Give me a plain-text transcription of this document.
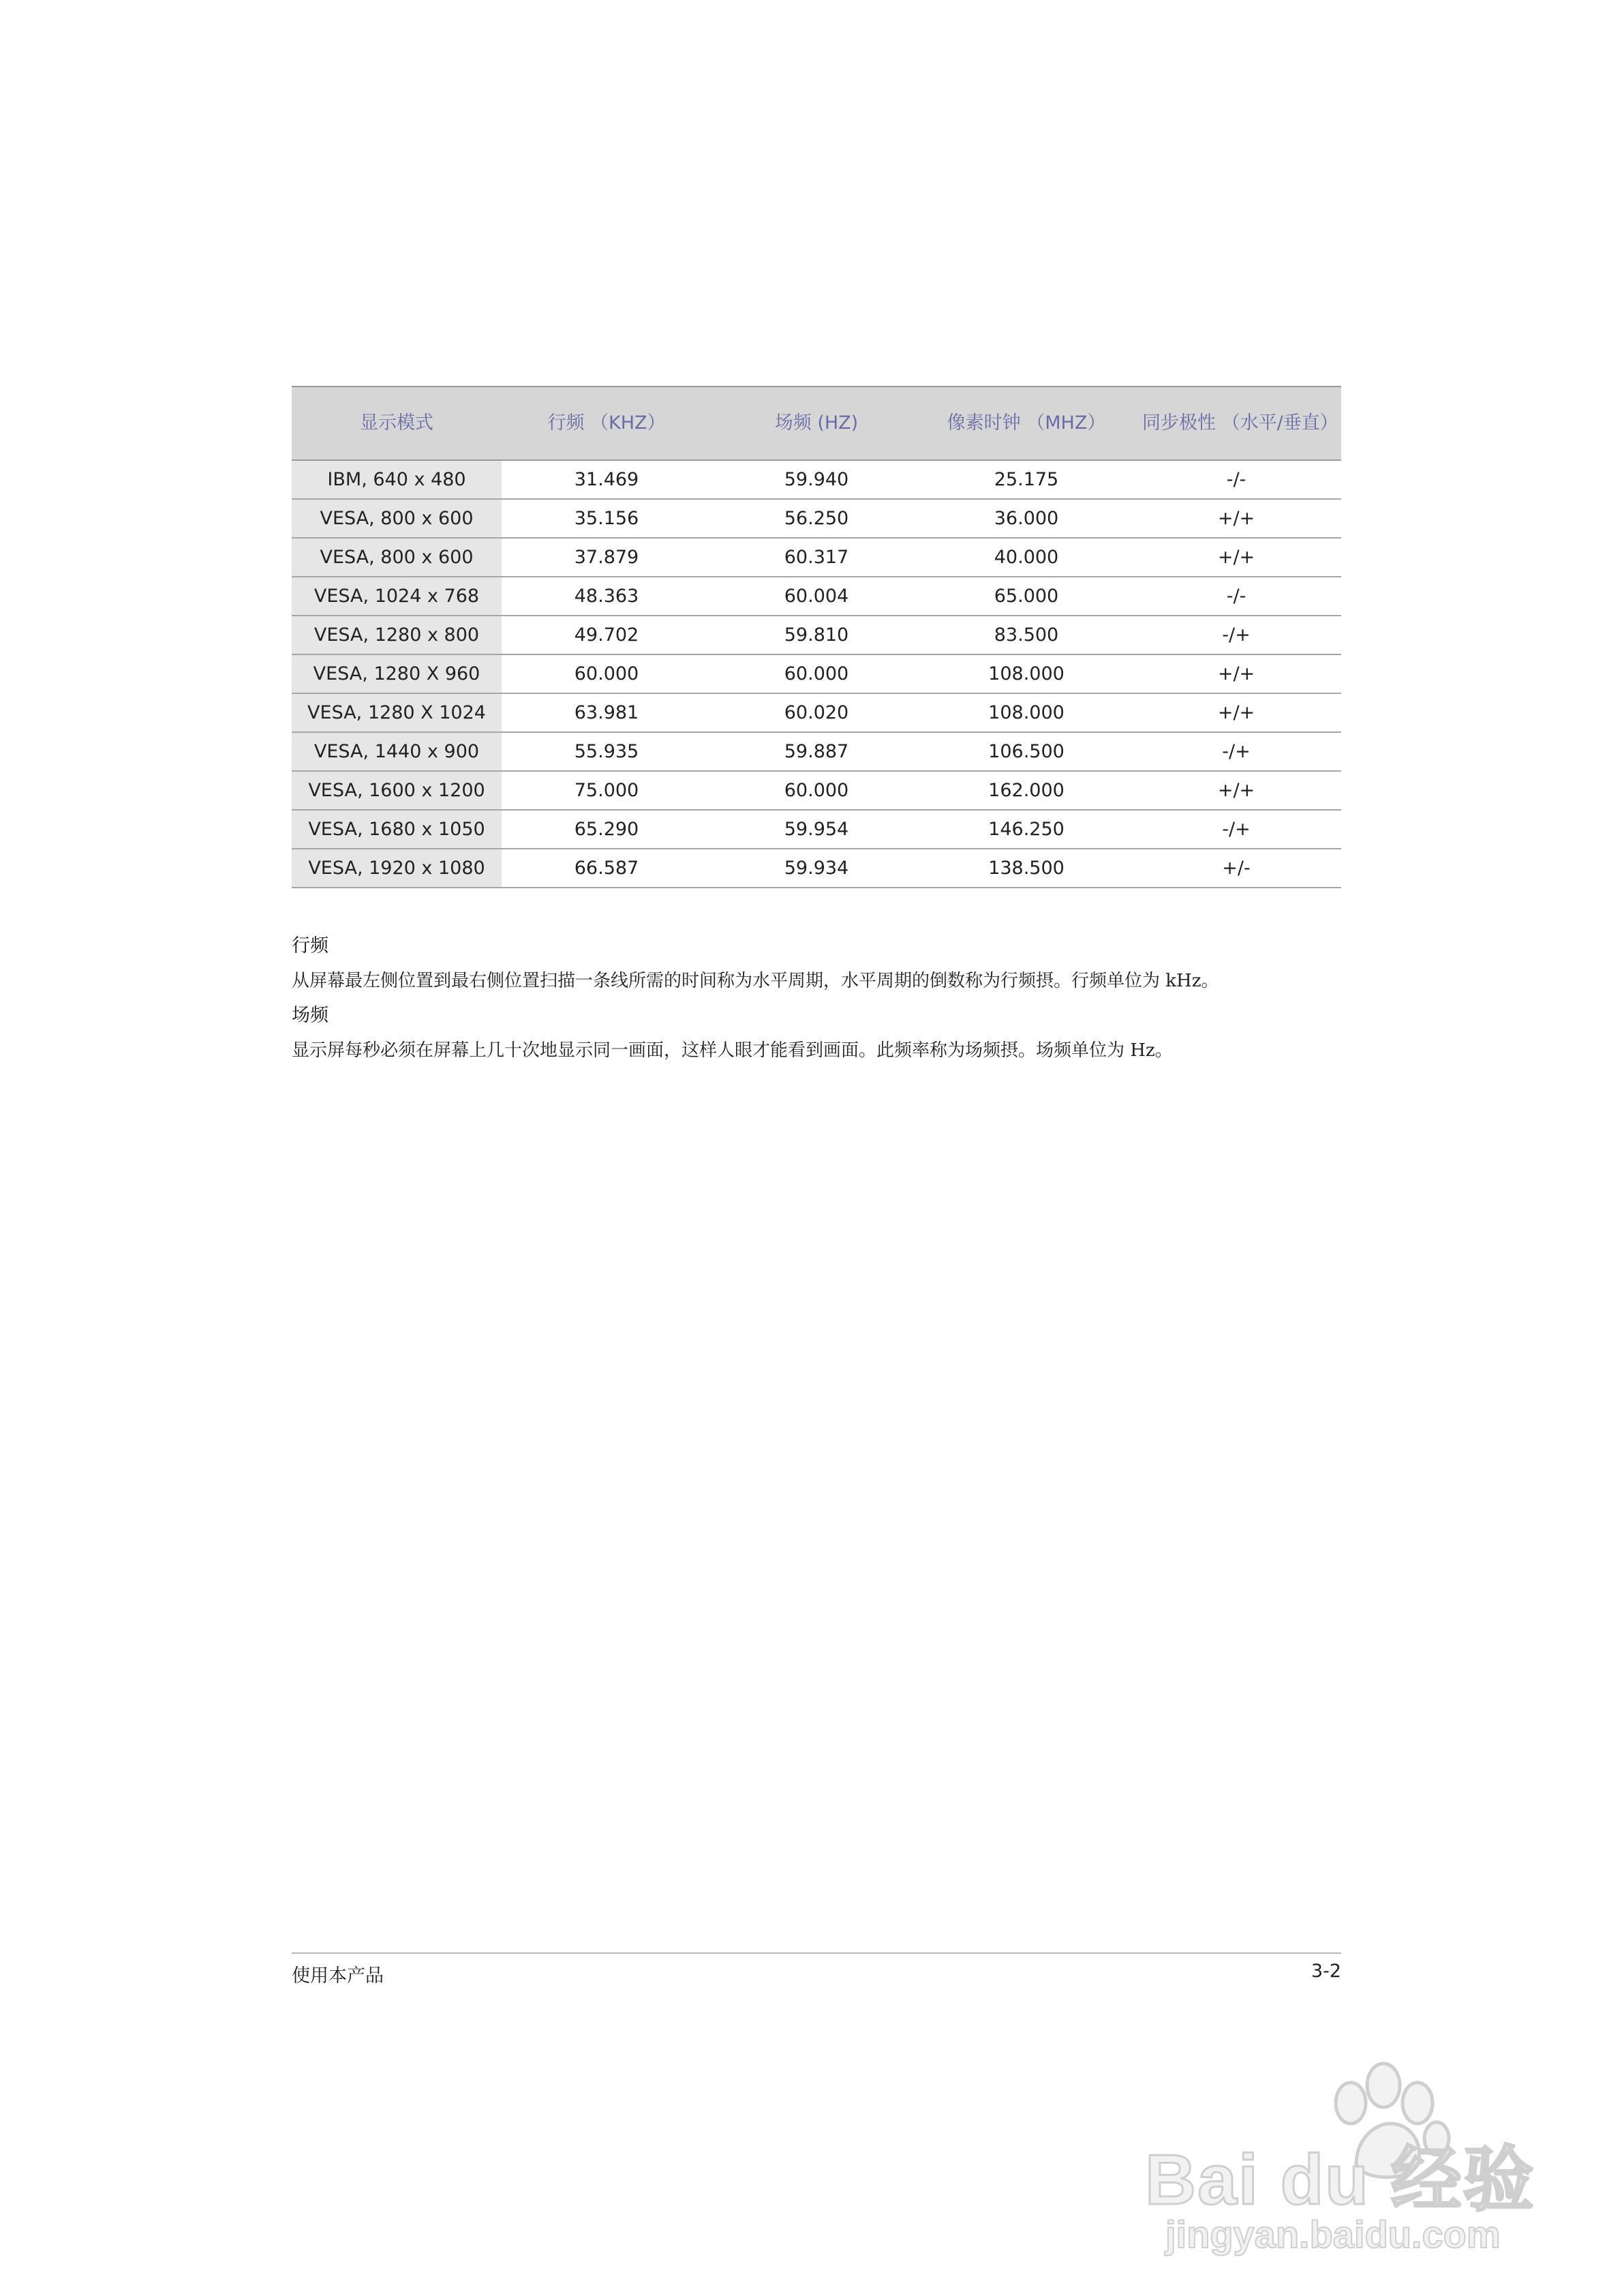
显示模式	行频 （KHZ）	场频 (HZ)	像素时钟 （MHZ）	同步极性 （水平/垂直）
IBM, 640 x 480	31.469	59.940	25.175	-/-
VESA, 800 x 600	35.156	56.250	36.000	+/+
VESA, 800 x 600	37.879	60.317	40.000	+/+
VESA, 1024 x 768	48.363	60.004	65.000	-/-
VESA, 1280 x 800	49.702	59.810	83.500	-/+
VESA, 1280 X 960	60.000	60.000	108.000	+/+
VESA, 1280 X 1024	63.981	60.020	108.000	+/+
VESA, 1440 x 900	55.935	59.887	106.500	-/+
VESA, 1600 x 1200	75.000	60.000	162.000	+/+
VESA, 1680 x 1050	65.290	59.954	146.250	-/+
VESA, 1920 x 1080	66.587	59.934	138.500	+/-
行频
从屏幕最左侧位置到最右侧位置扫描一条线所需的时间称为水平周期，水平周期的倒数称为行频摂。行频单位为 kHz。
场频
显示屏每秒必须在屏幕上几十次地显示同一画面，这样人眼才能看到画面。此频率称为场频摂。场频单位为 Hz。
使用本产品	3-2
Bai du 经验
jingyan.baidu.com
